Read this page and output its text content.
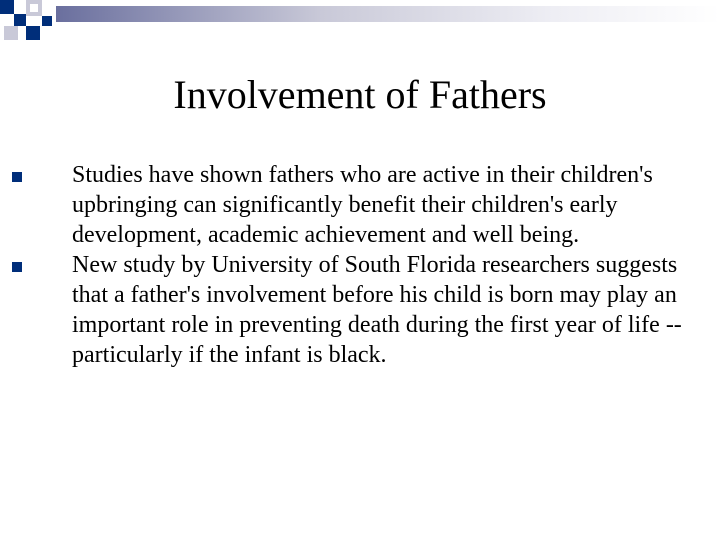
Involvement of Fathers
Studies have shown fathers who are active in their children's upbringing can significantly benefit their children's early development, academic achievement and well being.
New study by University of South Florida researchers suggests that a father's involvement before his child is born may play an important role in preventing death during the first year of life -- particularly if the infant is black.
